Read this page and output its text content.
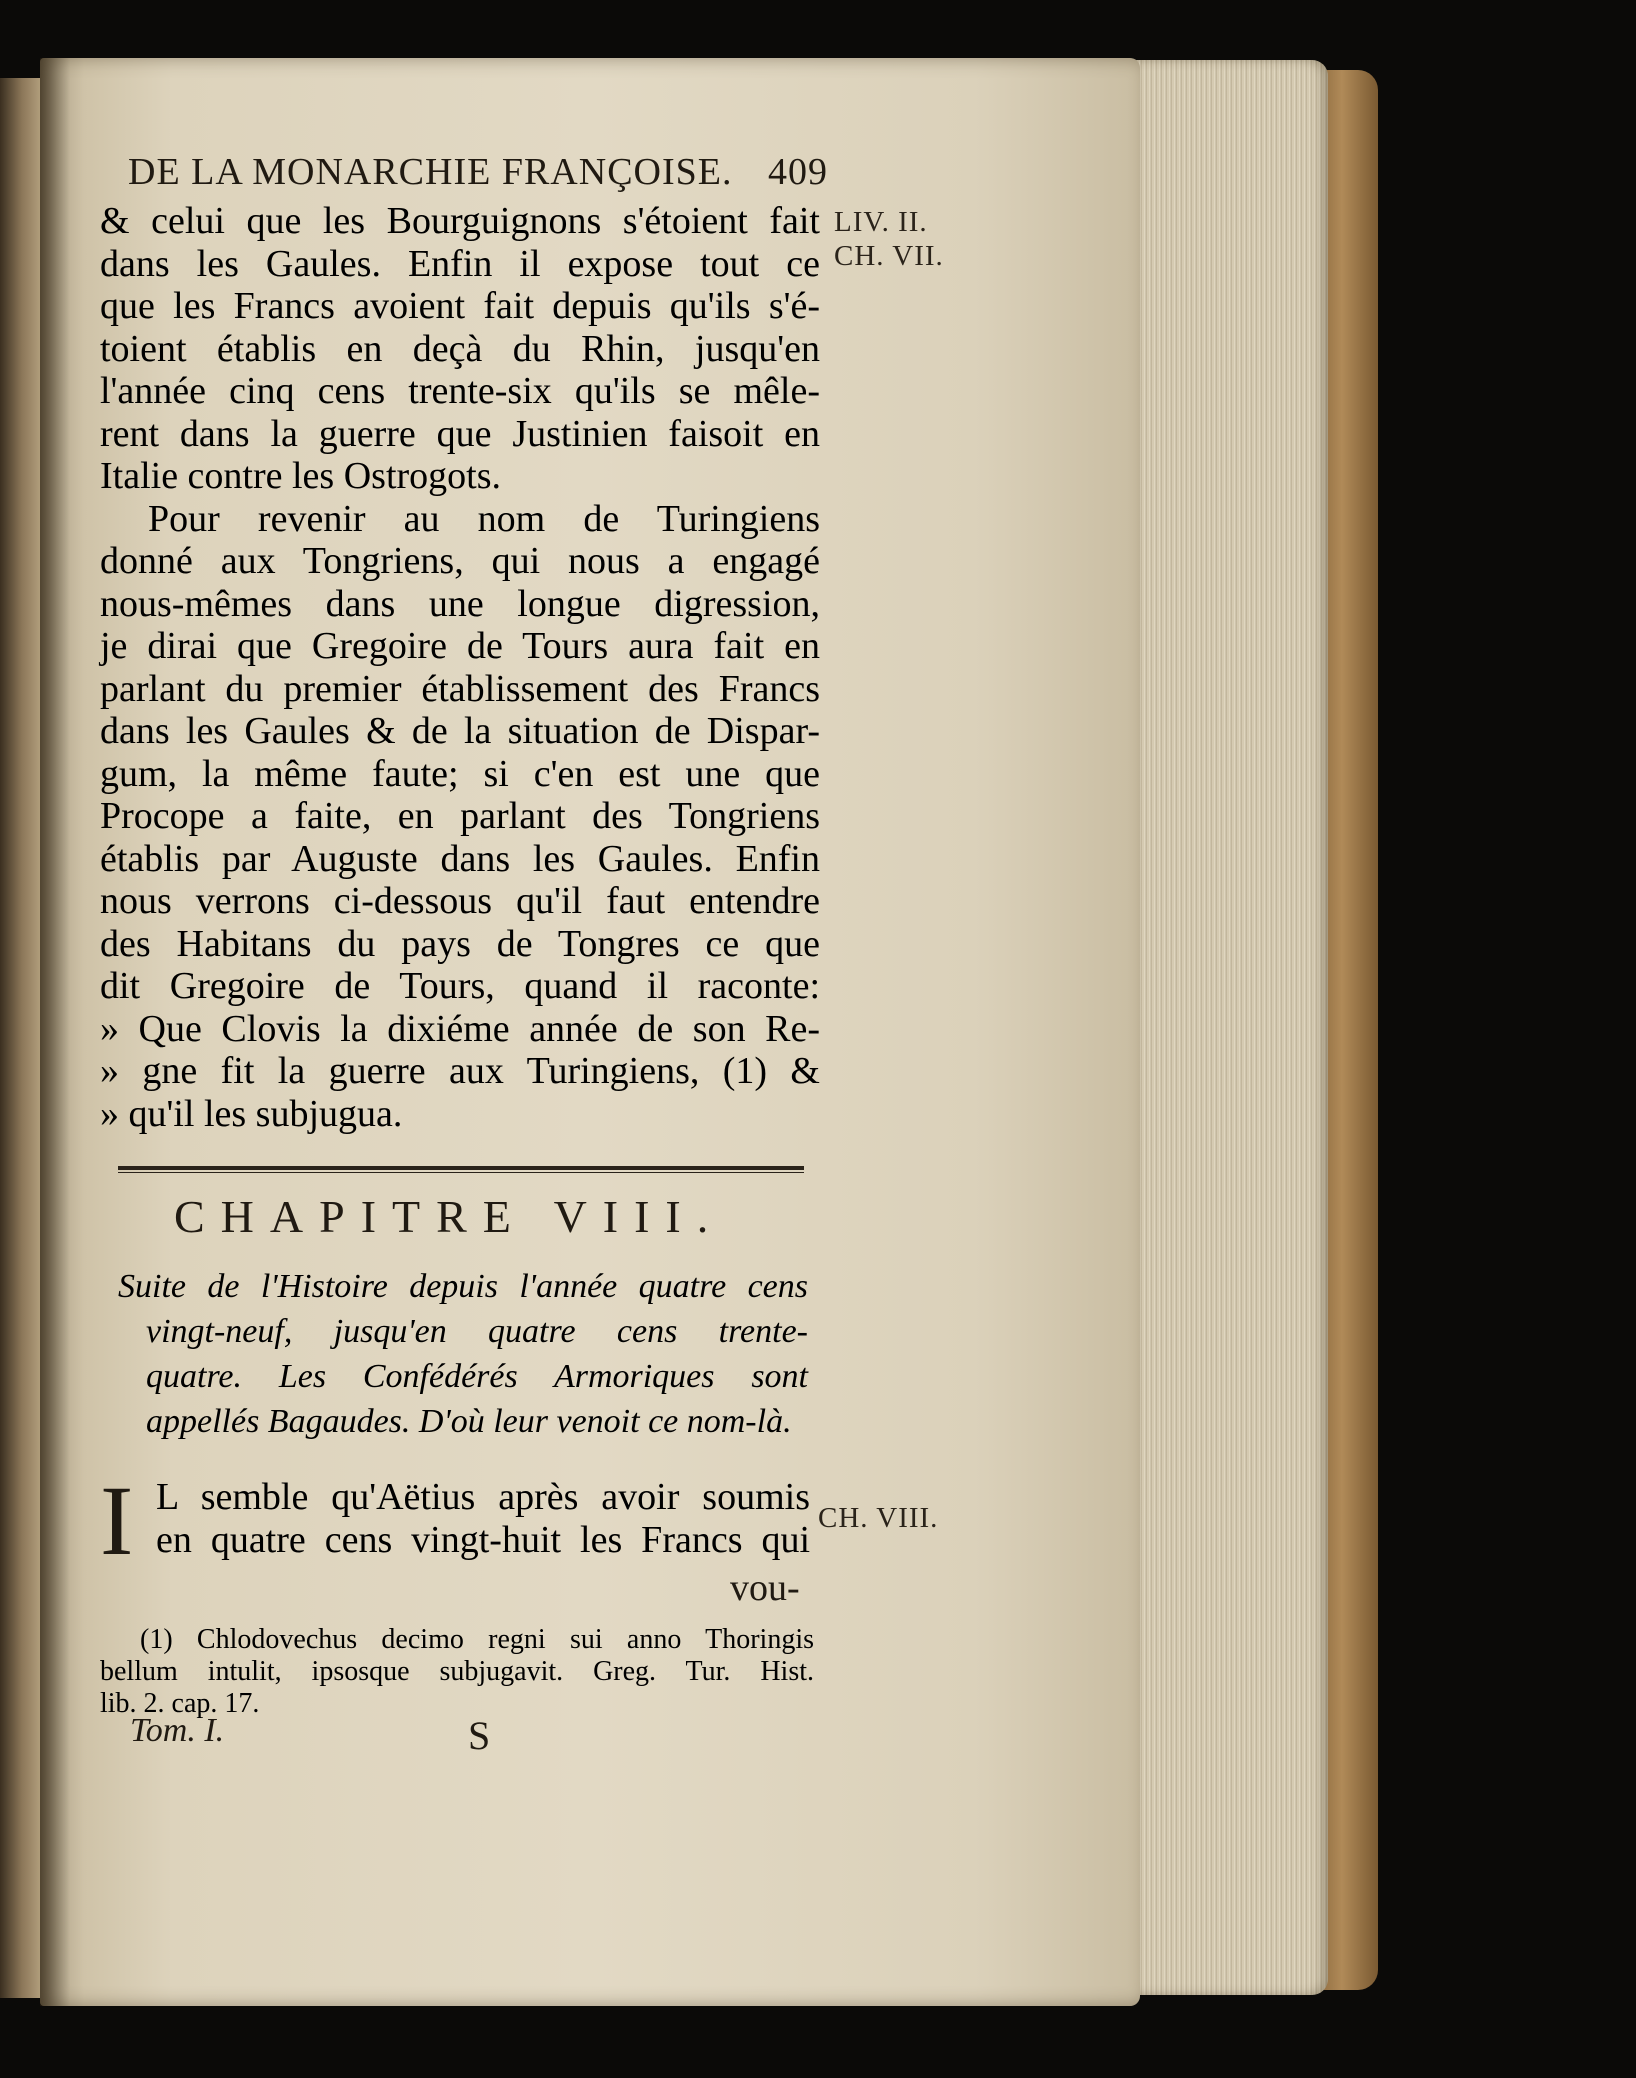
DE LA MONARCHIE FRANÇOISE. 409
LIV. II.
CH. VII.
& celui que les Bourguignons s'étoient fait
dans les Gaules. Enfin il expose tout ce
que les Francs avoient fait depuis qu'ils s'é-
toient établis en deçà du Rhin, jusqu'en
l'année cinq cens trente-six qu'ils se mêle-
rent dans la guerre que Justinien faisoit en
Italie contre les Ostrogots.
Pour revenir au nom de Turingiens
donné aux Tongriens, qui nous a engagé
nous-mêmes dans une longue digression,
je dirai que Gregoire de Tours aura fait en
parlant du premier établissement des Francs
dans les Gaules & de la situation de Dispar-
gum, la même faute; si c'en est une que
Procope a faite, en parlant des Tongriens
établis par Auguste dans les Gaules. Enfin
nous verrons ci-dessous qu'il faut entendre
des Habitans du pays de Tongres ce que
dit Gregoire de Tours, quand il raconte:
» Que Clovis la dixiéme année de son Re-
» gne fit la guerre aux Turingiens, (1) &
» qu'il les subjugua.
CHAPITRE VIII.
Suite de l'Histoire depuis l'année quatre cens
vingt-neuf, jusqu'en quatre cens trente-
quatre. Les Confédérés Armoriques sont
appellés Bagaudes. D'où leur venoit ce nom-là.
I L semble qu'Aëtius après avoir soumis
en quatre cens vingt-huit les Francs qui
CH. VIII.
vou-
(1) Chlodovechus decimo regni sui anno Thoringis
bellum intulit, ipsosque subjugavit. Greg. Tur. Hist.
lib. 2. cap. 17.
Tom. I.	S
